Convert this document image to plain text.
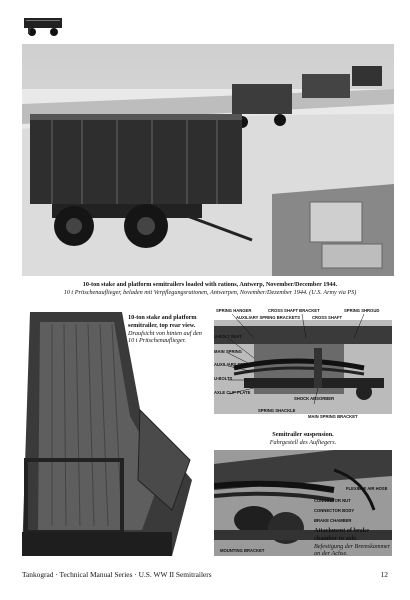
10-ton stake and platform semitrailers loaded with rations, Antwerp, November/December 1944.
10 t Pritschenauflieger, beladen mit Verpflegungsrationen, Antwerpen, November/Dezember 1944. (U.S. Army via PS)
10-ton stake and platform semitrailer, top rear view.
Draufsicht von hinten auf den 10 t Pritschenauflieger.
SPRING HANGER	CROSS SHAFT BRACKET	SPRING SHROUD
AUXILIARY SPRING BRACKETS	CROSS SHAFT
U-BOLT SEAT
MAIN SPRING
AUXILIARY SPRING
U-BOLTS
SHOCK ABSORBER
AXLE CLIP PLATE
SPRING SHACKLE
MAIN SPRING BRACKET
Semitrailer suspension.
Fahrgestell des Aufliegers.
FLEXIBLE AIR HOSE
CONNECTOR NUT
CONNECTOR BODY
BRAKE CHAMBER
MOUNTING BRACKET
Attachment of brake chamber to axle.
Befestigung der Bremskammer an der Achse.
Tankograd · Technical Manual Series · U.S. WW II Semitrailers	12
